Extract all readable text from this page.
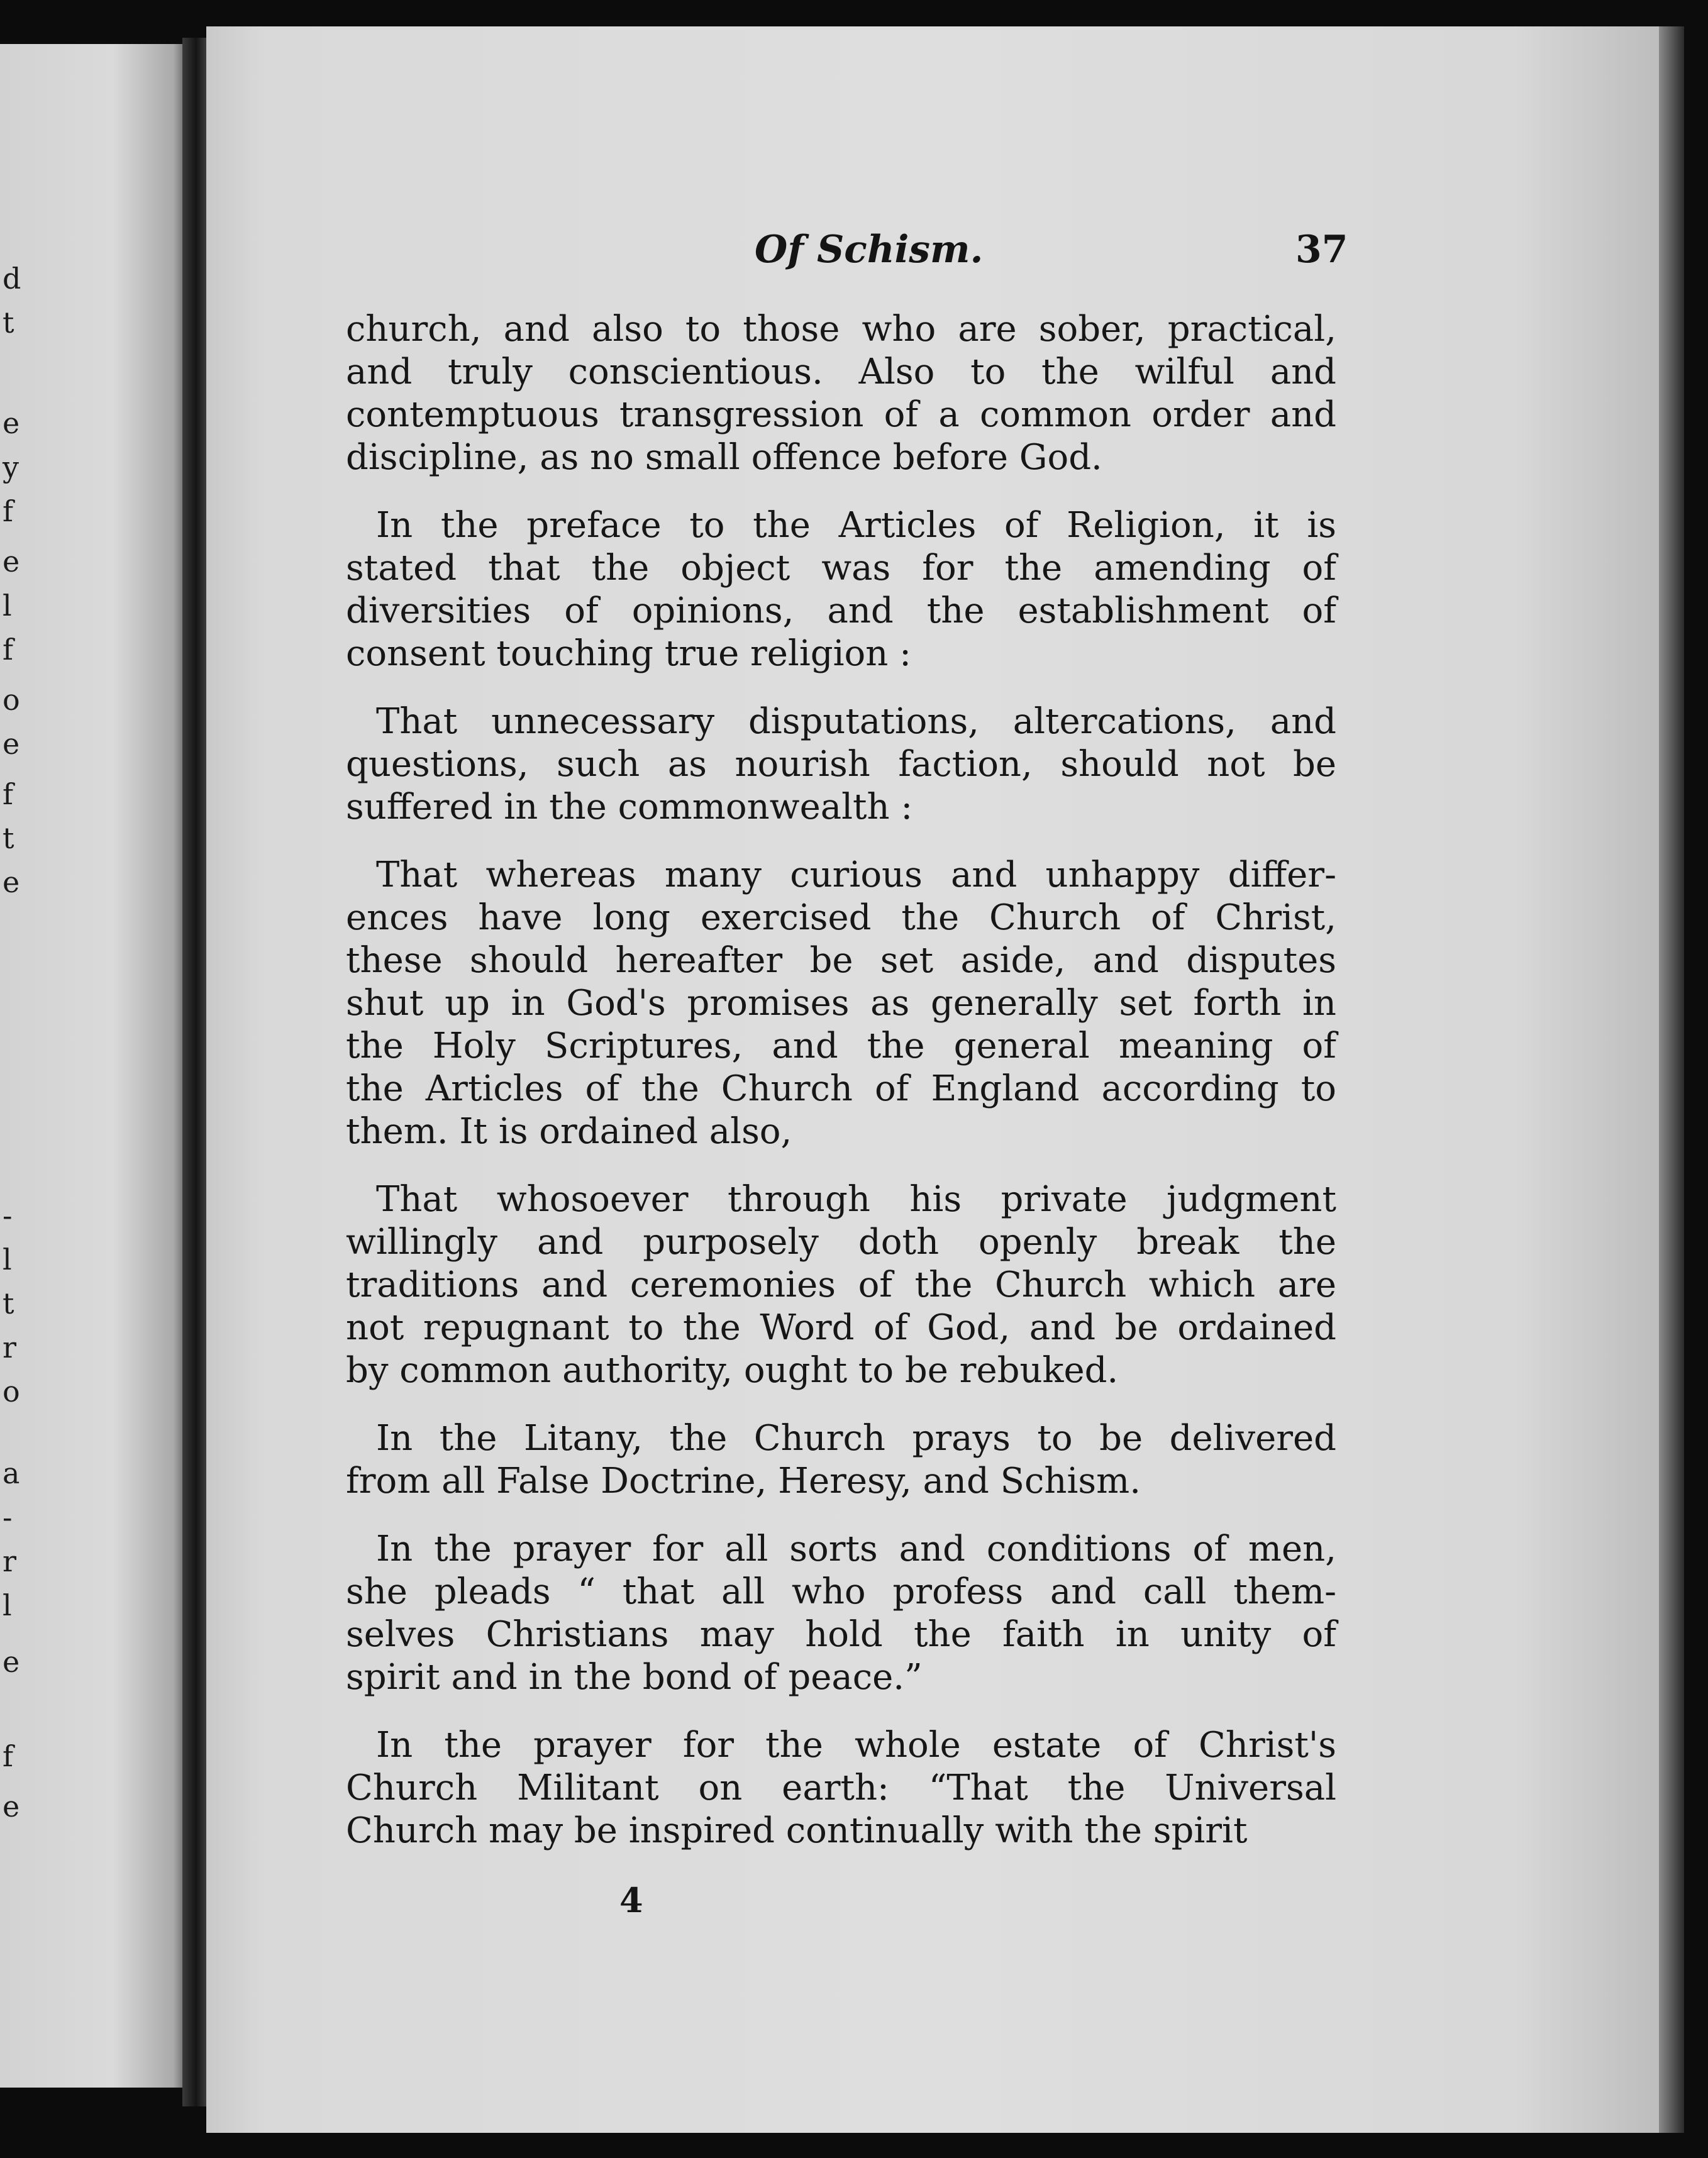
d
t
e
y
f
e
l
f
o
e
f
t
e
-
l
t
r
o
a
-
r
l
e
f
e
Of Schism.	37
church, and also to those who are sober, practical,
and truly conscientious. Also to the wilful and
contemptuous transgression of a common order and
discipline, as no small offence before God.
In the preface to the Articles of Religion, it is
stated that the object was for the amending of
diversities of opinions, and the establishment of
consent touching true religion :
That unnecessary disputations, altercations, and
questions, such as nourish faction, should not be
suffered in the commonwealth :
That whereas many curious and unhappy differ-
ences have long exercised the Church of Christ,
these should hereafter be set aside, and disputes
shut up in God's promises as generally set forth in
the Holy Scriptures, and the general meaning of
the Articles of the Church of England according to
them. It is ordained also,
That whosoever through his private judgment
willingly and purposely doth openly break the
traditions and ceremonies of the Church which are
not repugnant to the Word of God, and be ordained
by common authority, ought to be rebuked.
In the Litany, the Church prays to be delivered
from all False Doctrine, Heresy, and Schism.
In the prayer for all sorts and conditions of men,
she pleads “ that all who profess and call them-
selves Christians may hold the faith in unity of
spirit and in the bond of peace.”
In the prayer for the whole estate of Christ's
Church Militant on earth: “That the Universal
Church may be inspired continually with the spirit
4
